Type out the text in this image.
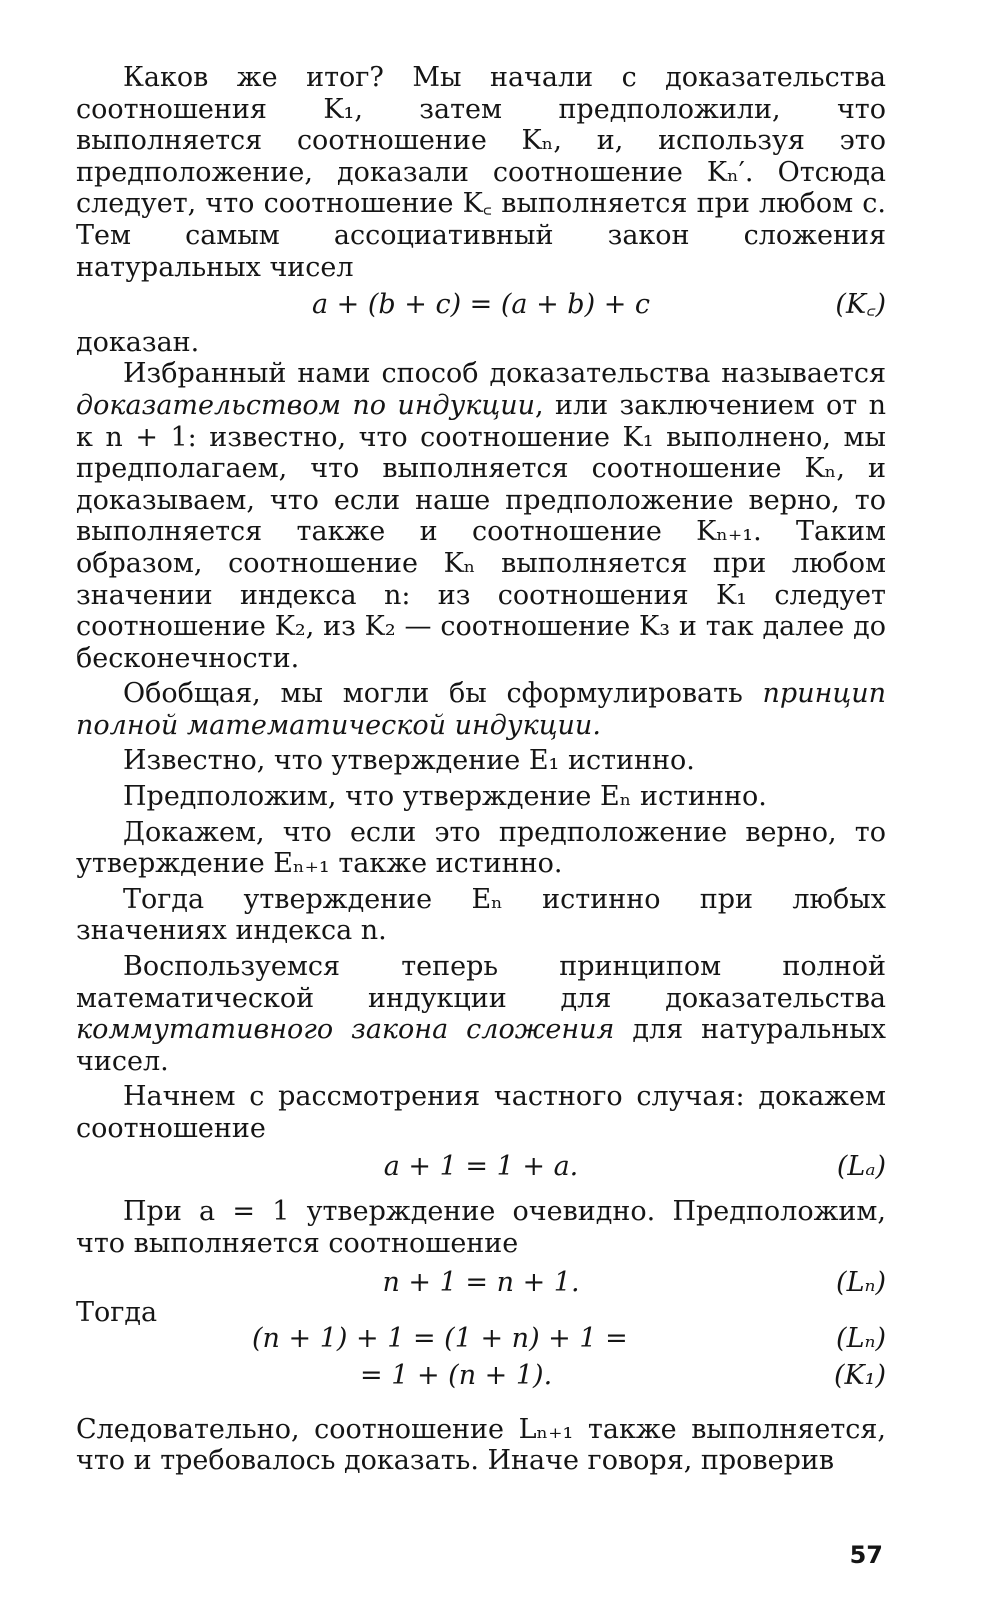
Каков же итог? Мы начали с доказательства соотношения K₁, затем предположили, что выполняется соотношение Kₙ, и, используя это предположение, доказали соотношение Kₙ′. Отсюда следует, что соотношение K꜀ выполняется при любом c. Тем самым ассоциативный закон сложения натуральных чисел

a + (b + c) = (a + b) + c	(K꜀)

доказан.

Избранный нами способ доказательства называется доказательством по индукции, или заключением от n к n + 1: известно, что соотношение K₁ выполнено, мы предполагаем, что выполняется соотношение Kₙ, и доказываем, что если наше предположение верно, то выполняется также и соотношение Kₙ₊₁. Таким образом, соотношение Kₙ выполняется при любом значении индекса n: из соотношения K₁ следует соотношение K₂, из K₂ — соотношение K₃ и так далее до бесконечности.

Обобщая, мы могли бы сформулировать принцип полной математической индукции.

Известно, что утверждение E₁ истинно.

Предположим, что утверждение Eₙ истинно.

Докажем, что если это предположение верно, то утверждение Eₙ₊₁ также истинно.

Тогда утверждение Eₙ истинно при любых значениях индекса n.

Воспользуемся теперь принципом полной математической индукции для доказательства коммутативного закона сложения для натуральных чисел.

Начнем с рассмотрения частного случая: докажем соотношение

a + 1 = 1 + a.	(Lₐ)

При a = 1 утверждение очевидно. Предположим, что выполняется соотношение

n + 1 = n + 1.	(Lₙ)

Тогда

(n + 1) + 1 = (1 + n) + 1 =	(Lₙ)
= 1 + (n + 1).	(K₁)

Следовательно, соотношение Lₙ₊₁ также выполняется, что и требовалось доказать. Иначе говоря, проверив

57
